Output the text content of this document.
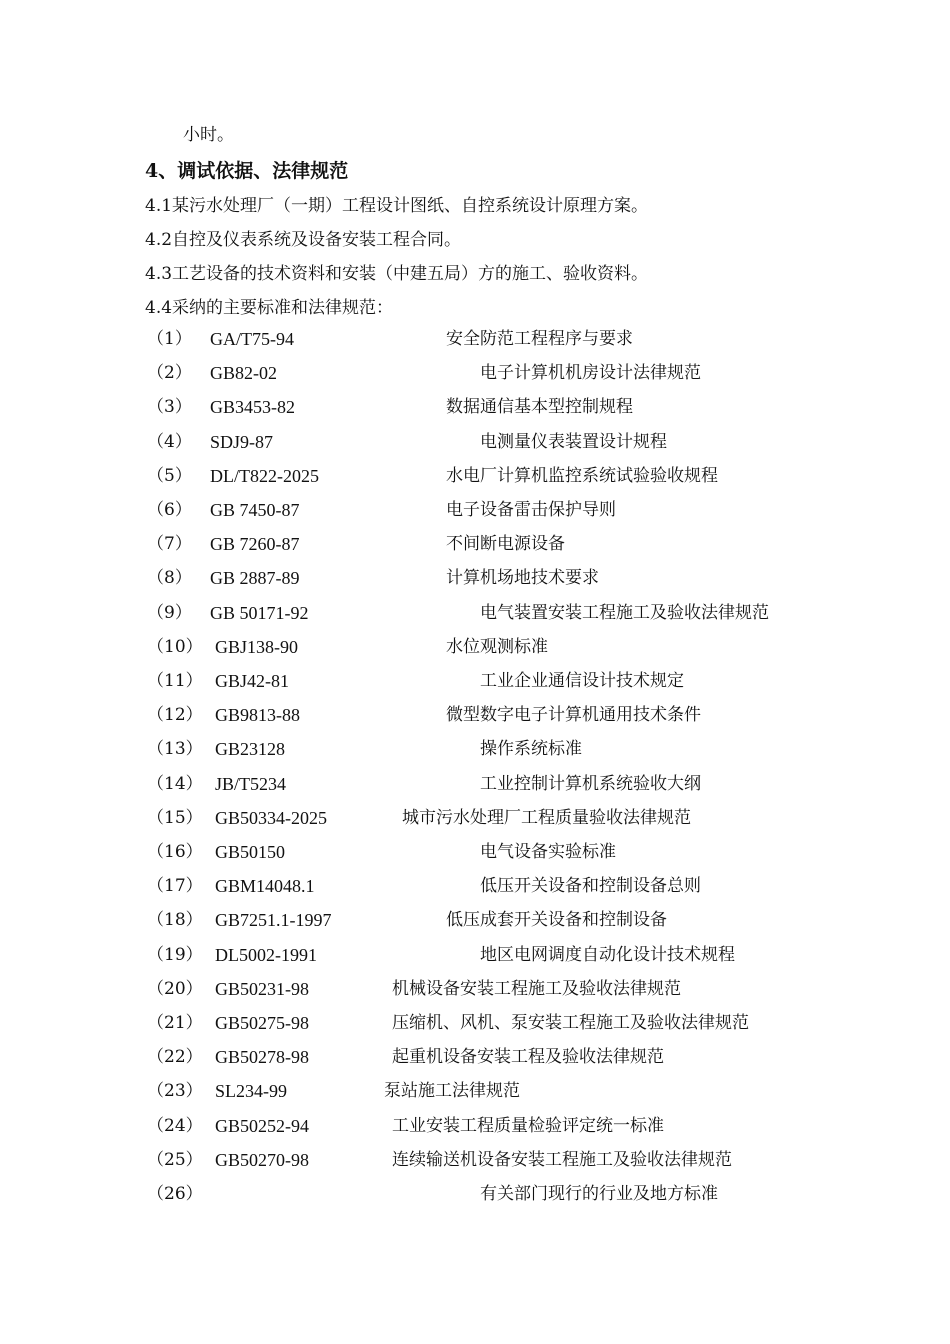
小时。
4、调试依据、法律规范
4.1某污水处理厂（一期）工程设计图纸、自控系统设计原理方案。
4.2自控及仪表系统及设备安装工程合同。
4.3工艺设备的技术资料和安装（中建五局）方的施工、验收资料。
4.4采纳的主要标准和法律规范：
（1） GA/T75-94	安全防范工程程序与要求
（2） GB82-02	电子计算机机房设计法律规范
（3） GB3453-82	数据通信基本型控制规程
（4） SDJ9-87	电测量仪表装置设计规程
（5） DL/T822-2025	水电厂计算机监控系统试验验收规程
（6） GB 7450-87	电子设备雷击保护导则
（7） GB 7260-87	不间断电源设备
（8） GB 2887-89	计算机场地技术要求
（9） GB 50171-92	电气装置安装工程施工及验收法律规范
（10） GBJ138-90	水位观测标准
（11） GBJ42-81	工业企业通信设计技术规定
（12） GB9813-88	微型数字电子计算机通用技术条件
（13） GB23128	操作系统标准
（14） JB/T5234	工业控制计算机系统验收大纲
（15） GB50334-2025	城市污水处理厂工程质量验收法律规范
（16） GB50150	电气设备实验标准
（17） GBM14048.1	低压开关设备和控制设备总则
（18） GB7251.1-1997	低压成套开关设备和控制设备
（19） DL5002-1991	地区电网调度自动化设计技术规程
（20） GB50231-98	机械设备安装工程施工及验收法律规范
（21） GB50275-98	压缩机、风机、泵安装工程施工及验收法律规范
（22） GB50278-98	起重机设备安装工程及验收法律规范
（23） SL234-99	泵站施工法律规范
（24） GB50252-94	工业安装工程质量检验评定统一标准
（25） GB50270-98	连续输送机设备安装工程施工及验收法律规范
（26）	有关部门现行的行业及地方标准
